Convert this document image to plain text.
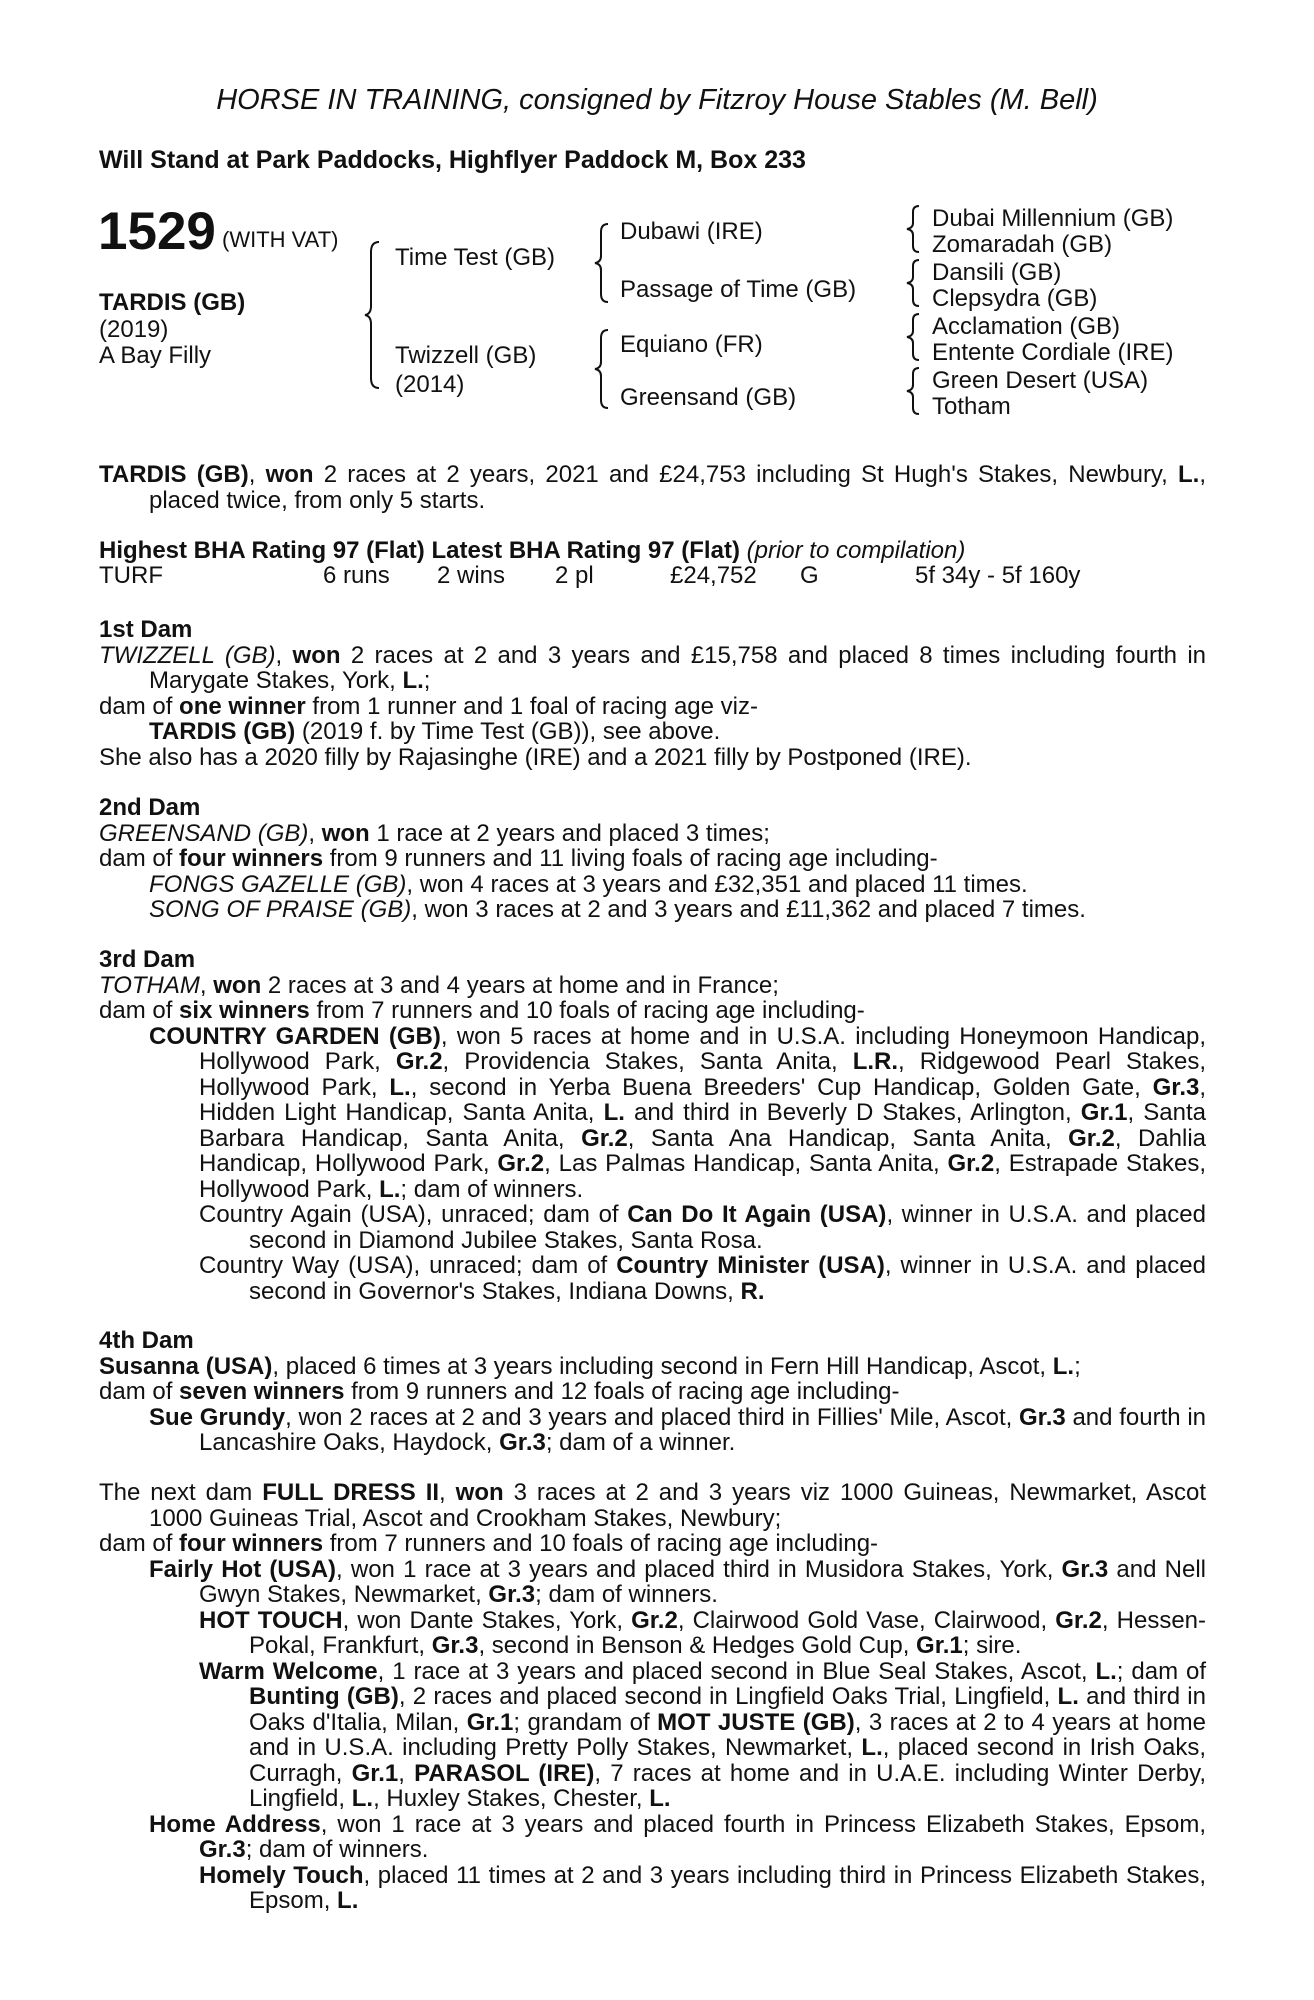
HORSE IN TRAINING, consigned by Fitzroy House Stables (M. Bell)
Will Stand at Park Paddocks, Highflyer Paddock M, Box 233
1529 (WITH VAT)
TARDIS (GB)
(2019)
A Bay Filly
Time Test (GB)
Twizzell (GB)
(2014)
Dubawi (IRE)
Passage of Time (GB)
Equiano (FR)
Greensand (GB)
Dubai Millennium (GB)
Zomaradah (GB)
Dansili (GB)
Clepsydra (GB)
Acclamation (GB)
Entente Cordiale (IRE)
Green Desert (USA)
Totham

TARDIS (GB), won 2 races at 2 years, 2021 and £24,753 including St Hugh's Stakes, Newbury, L., placed twice, from only 5 starts.

Highest BHA Rating 97 (Flat) Latest BHA Rating 97 (Flat) (prior to compilation)
TURF	6 runs 2 wins 2 pl	£24,752 G	5f 34y - 5f 160y

1st Dam

TWIZZELL (GB), won 2 races at 2 and 3 years and £15,758 and placed 8 times including fourth in Marygate Stakes, York, L.;

dam of one winner from 1 runner and 1 foal of racing age viz-

TARDIS (GB) (2019 f. by Time Test (GB)), see above.

She also has a 2020 filly by Rajasinghe (IRE) and a 2021 filly by Postponed (IRE).

2nd Dam

GREENSAND (GB), won 1 race at 2 years and placed 3 times;

dam of four winners from 9 runners and 11 living foals of racing age including-

FONGS GAZELLE (GB), won 4 races at 3 years and £32,351 and placed 11 times.

SONG OF PRAISE (GB), won 3 races at 2 and 3 years and £11,362 and placed 7 times.

3rd Dam

TOTHAM, won 2 races at 3 and 4 years at home and in France;

dam of six winners from 7 runners and 10 foals of racing age including-

COUNTRY GARDEN (GB), won 5 races at home and in U.S.A. including Honeymoon Handicap, Hollywood Park, Gr.2, Providencia Stakes, Santa Anita, L.R., Ridgewood Pearl Stakes, Hollywood Park, L., second in Yerba Buena Breeders' Cup Handicap, Golden Gate, Gr.3, Hidden Light Handicap, Santa Anita, L. and third in Beverly D Stakes, Arlington, Gr.1, Santa Barbara Handicap, Santa Anita, Gr.2, Santa Ana Handicap, Santa Anita, Gr.2, Dahlia Handicap, Hollywood Park, Gr.2, Las Palmas Handicap, Santa Anita, Gr.2, Estrapade Stakes, Hollywood Park, L.; dam of winners.

Country Again (USA), unraced; dam of Can Do It Again (USA), winner in U.S.A. and placed second in Diamond Jubilee Stakes, Santa Rosa.

Country Way (USA), unraced; dam of Country Minister (USA), winner in U.S.A. and placed second in Governor's Stakes, Indiana Downs, R.

4th Dam

Susanna (USA), placed 6 times at 3 years including second in Fern Hill Handicap, Ascot, L.;

dam of seven winners from 9 runners and 12 foals of racing age including-

Sue Grundy, won 2 races at 2 and 3 years and placed third in Fillies' Mile, Ascot, Gr.3 and fourth in Lancashire Oaks, Haydock, Gr.3; dam of a winner.

The next dam FULL DRESS II, won 3 races at 2 and 3 years viz 1000 Guineas, Newmarket, Ascot 1000 Guineas Trial, Ascot and Crookham Stakes, Newbury;

dam of four winners from 7 runners and 10 foals of racing age including-

Fairly Hot (USA), won 1 race at 3 years and placed third in Musidora Stakes, York, Gr.3 and Nell Gwyn Stakes, Newmarket, Gr.3; dam of winners.

HOT TOUCH, won Dante Stakes, York, Gr.2, Clairwood Gold Vase, Clairwood, Gr.2, Hessen-Pokal, Frankfurt, Gr.3, second in Benson & Hedges Gold Cup, Gr.1; sire.

Warm Welcome, 1 race at 3 years and placed second in Blue Seal Stakes, Ascot, L.; dam of Bunting (GB), 2 races and placed second in Lingfield Oaks Trial, Lingfield, L. and third in Oaks d'Italia, Milan, Gr.1; grandam of MOT JUSTE (GB), 3 races at 2 to 4 years at home and in U.S.A. including Pretty Polly Stakes, Newmarket, L., placed second in Irish Oaks, Curragh, Gr.1, PARASOL (IRE), 7 races at home and in U.A.E. including Winter Derby, Lingfield, L., Huxley Stakes, Chester, L.

Home Address, won 1 race at 3 years and placed fourth in Princess Elizabeth Stakes, Epsom, Gr.3; dam of winners.

Homely Touch, placed 11 times at 2 and 3 years including third in Princess Elizabeth Stakes, Epsom, L.
